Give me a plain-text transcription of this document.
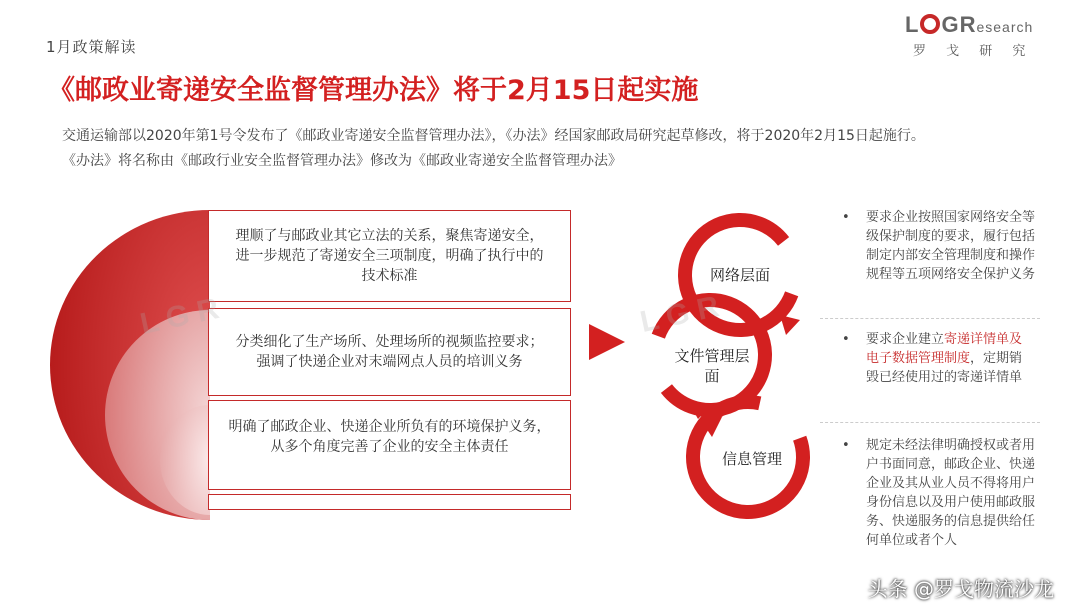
1月政策解读
L GResearch
罗 戈 研 究
《邮政业寄递安全监督管理办法》将于2月15日起实施

交通运输部以2020年第1号令发布了《邮政业寄递安全监督管理办法》，《办法》经国家邮政局研究起草修改，将于2020年2月15日起施行。

《办法》将名称由《邮政行业安全监督管理办法》修改为《邮政业寄递安全监督管理办法》

理顺了与邮政业其它立法的关系，聚焦寄递安全，
进一步规范了寄递安全三项制度，明确了执行中的
技术标准
分类细化了生产场所、处理场所的视频监控要求；
强调了快递企业对末端网点人员的培训义务
明确了邮政企业、快递企业所负有的环境保护义务，
从多个角度完善了企业的安全主体责任
网络层面
文件管理层
面
信息管理
• 要求企业按照国家网络安全等级保护制度的要求，履行包括制定内部安全管理制度和操作规程等五项网络安全保护义务
• 要求企业建立寄递详情单及电子数据管理制度，定期销毁已经使用过的寄递详情单
• 规定未经法律明确授权或者用户书面同意，邮政企业、快递企业及其从业人员不得将用户身份信息以及用户使用邮政服务、快递服务的信息提供给任何单位或者个人
L G R	L G R
头条 @罗戈物流沙龙
